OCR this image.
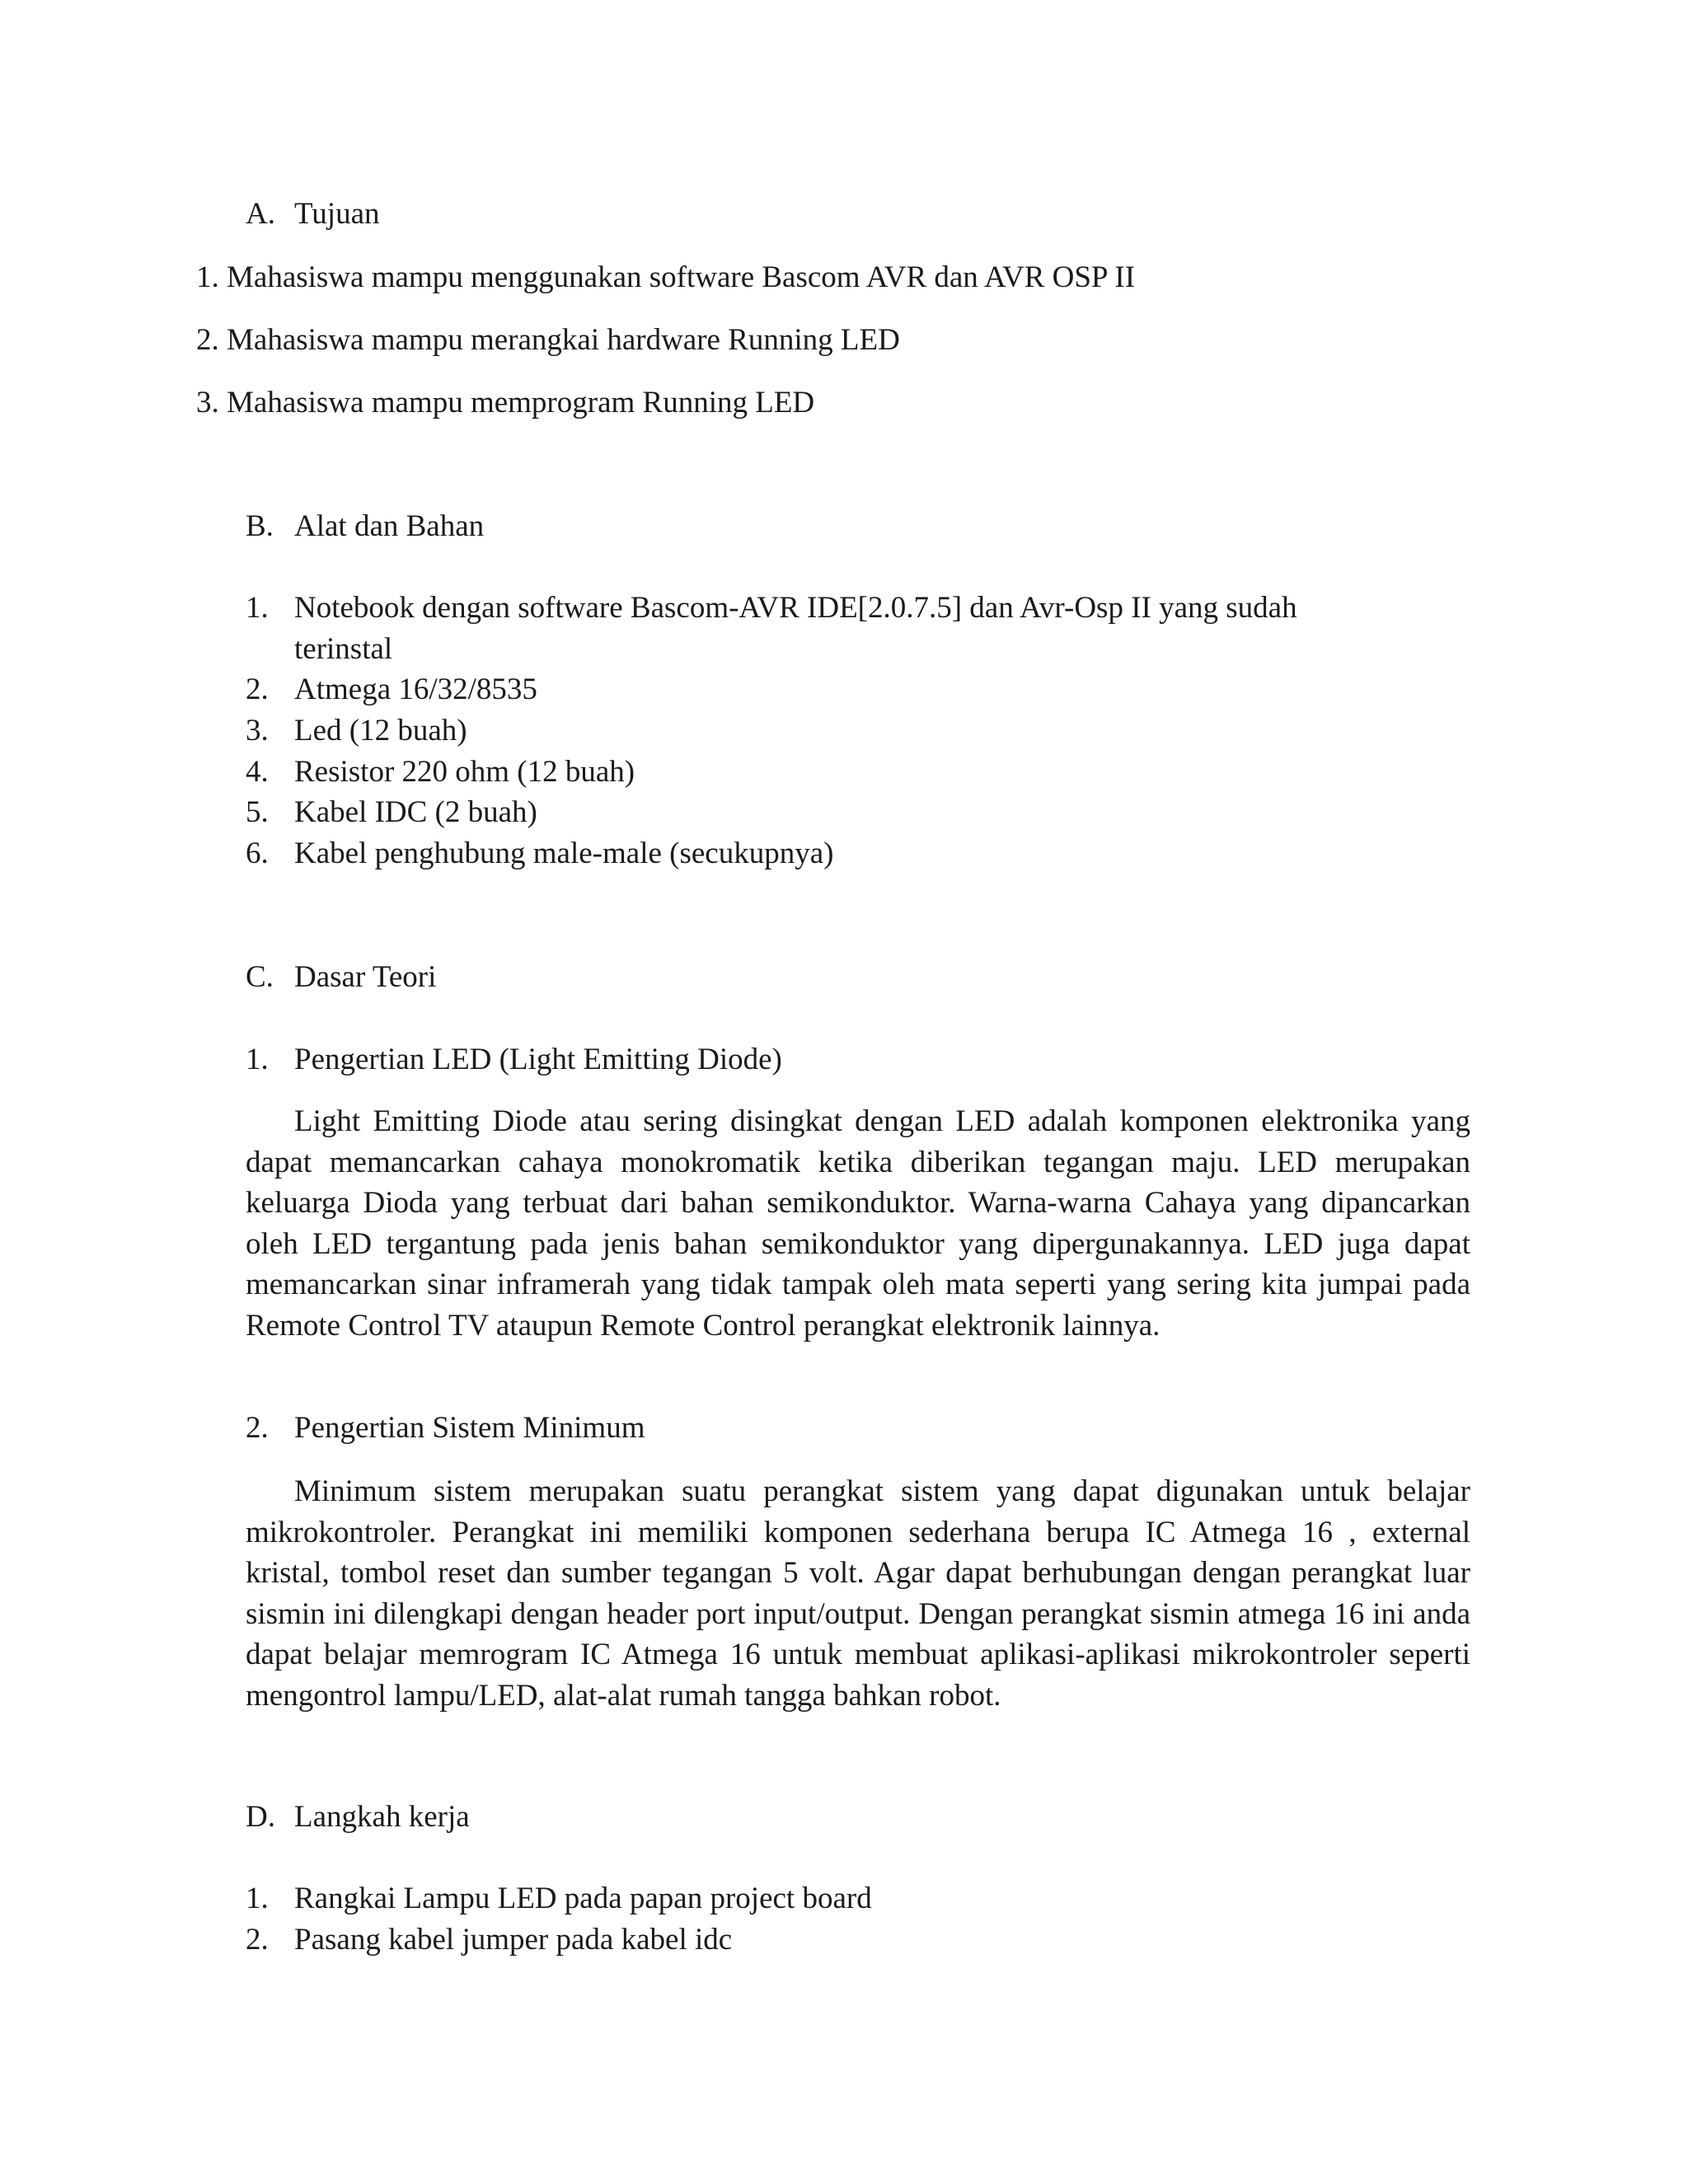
A. Tujuan
1. Mahasiswa mampu menggunakan software Bascom AVR dan AVR OSP II
2. Mahasiswa mampu merangkai hardware Running LED
3. Mahasiswa mampu memprogram Running LED
B. Alat dan Bahan
1. Notebook dengan software Bascom-AVR IDE[2.0.7.5] dan Avr-Osp II yang sudah
terinstal
2. Atmega 16/32/8535
3. Led (12 buah)
4. Resistor 220 ohm (12 buah)
5. Kabel IDC (2 buah)
6. Kabel penghubung male-male (secukupnya)
C. Dasar Teori
1. Pengertian LED (Light Emitting Diode)
Light Emitting Diode atau sering disingkat dengan LED adalah komponen elektronika yang dapat memancarkan cahaya monokromatik ketika diberikan tegangan maju. LED merupakan keluarga Dioda yang terbuat dari bahan semikonduktor. Warna-warna Cahaya yang dipancarkan oleh LED tergantung pada jenis bahan semikonduktor yang dipergunakannya. LED juga dapat memancarkan sinar inframerah yang tidak tampak oleh mata seperti yang sering kita jumpai pada Remote Control TV ataupun Remote Control perangkat elektronik lainnya.
2. Pengertian Sistem Minimum
Minimum sistem merupakan suatu perangkat sistem yang dapat digunakan untuk belajar mikrokontroler. Perangkat ini memiliki komponen sederhana berupa IC Atmega 16 , external kristal, tombol reset dan sumber tegangan 5 volt. Agar dapat berhubungan dengan perangkat luar sismin ini dilengkapi dengan header port input/output. Dengan perangkat sismin atmega 16 ini anda dapat belajar memrogram IC Atmega 16 untuk membuat aplikasi-aplikasi mikrokontroler seperti mengontrol lampu/LED, alat-alat rumah tangga bahkan robot.
D. Langkah kerja
1. Rangkai Lampu LED pada papan project board
2. Pasang kabel jumper pada kabel idc
